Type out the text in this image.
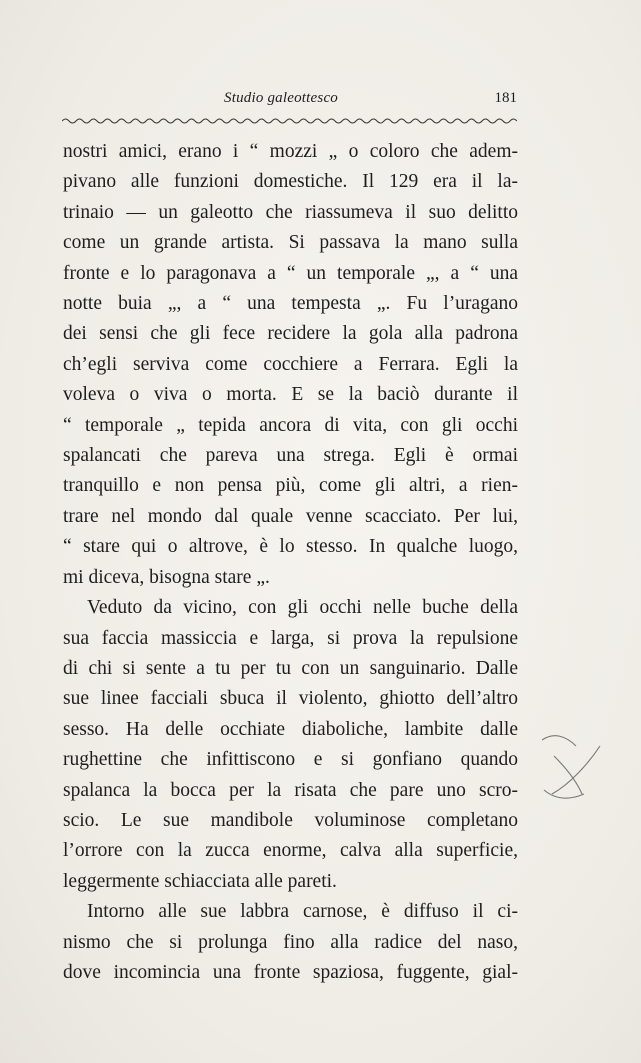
Studio galeottesco	181
nostri amici, erano i “ mozzi „ o coloro che adem-
pivano alle funzioni domestiche. Il 129 era il la-
trinaio — un galeotto che riassumeva il suo delitto
come un grande artista. Si passava la mano sulla
fronte e lo paragonava a “ un temporale „, a “ una
notte buia „, a “ una tempesta „. Fu l’uragano
dei sensi che gli fece recidere la gola alla padrona
ch’egli serviva come cocchiere a Ferrara. Egli la
voleva o viva o morta. E se la baciò durante il
“ temporale „ tepida ancora di vita, con gli occhi
spalancati che pareva una strega. Egli è ormai
tranquillo e non pensa più, come gli altri, a rien-
trare nel mondo dal quale venne scacciato. Per lui,
“ stare qui o altrove, è lo stesso. In qualche luogo,
mi diceva, bisogna stare „.
Veduto da vicino, con gli occhi nelle buche della
sua faccia massiccia e larga, si prova la repulsione
di chi si sente a tu per tu con un sanguinario. Dalle
sue linee facciali sbuca il violento, ghiotto dell’altro
sesso. Ha delle occhiate diaboliche, lambite dalle
rughettine che infittiscono e si gonfiano quando
spalanca la bocca per la risata che pare uno scro-
scio. Le sue mandibole voluminose completano
l’orrore con la zucca enorme, calva alla superficie,
leggermente schiacciata alle pareti.
Intorno alle sue labbra carnose, è diffuso il ci-
nismo che si prolunga fino alla radice del naso,
dove incomincia una fronte spaziosa, fuggente, gial-
